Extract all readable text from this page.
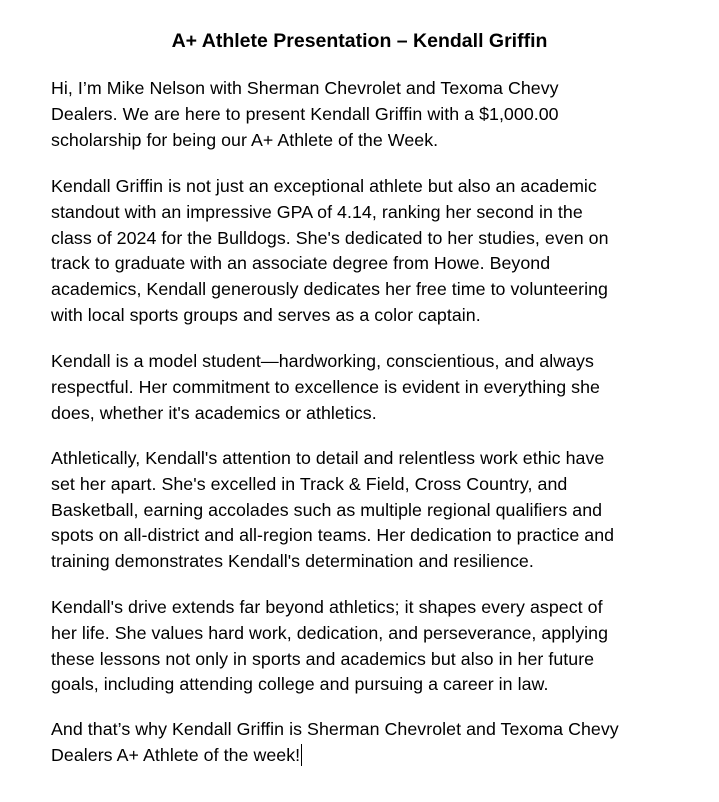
A+ Athlete Presentation – Kendall Griffin
Hi, I’m Mike Nelson with Sherman Chevrolet and Texoma Chevy
Dealers. We are here to present Kendall Griffin with a $1,000.00
scholarship for being our A+ Athlete of the Week.
Kendall Griffin is not just an exceptional athlete but also an academic
standout with an impressive GPA of 4.14, ranking her second in the
class of 2024 for the Bulldogs. She's dedicated to her studies, even on
track to graduate with an associate degree from Howe. Beyond
academics, Kendall generously dedicates her free time to volunteering
with local sports groups and serves as a color captain.
Kendall is a model student—hardworking, conscientious, and always
respectful. Her commitment to excellence is evident in everything she
does, whether it's academics or athletics.
Athletically, Kendall's attention to detail and relentless work ethic have
set her apart. She's excelled in Track & Field, Cross Country, and
Basketball, earning accolades such as multiple regional qualifiers and
spots on all-district and all-region teams. Her dedication to practice and
training demonstrates Kendall's determination and resilience.
Kendall's drive extends far beyond athletics; it shapes every aspect of
her life. She values hard work, dedication, and perseverance, applying
these lessons not only in sports and academics but also in her future
goals, including attending college and pursuing a career in law.
And that’s why Kendall Griffin is Sherman Chevrolet and Texoma Chevy
Dealers A+ Athlete of the week!
